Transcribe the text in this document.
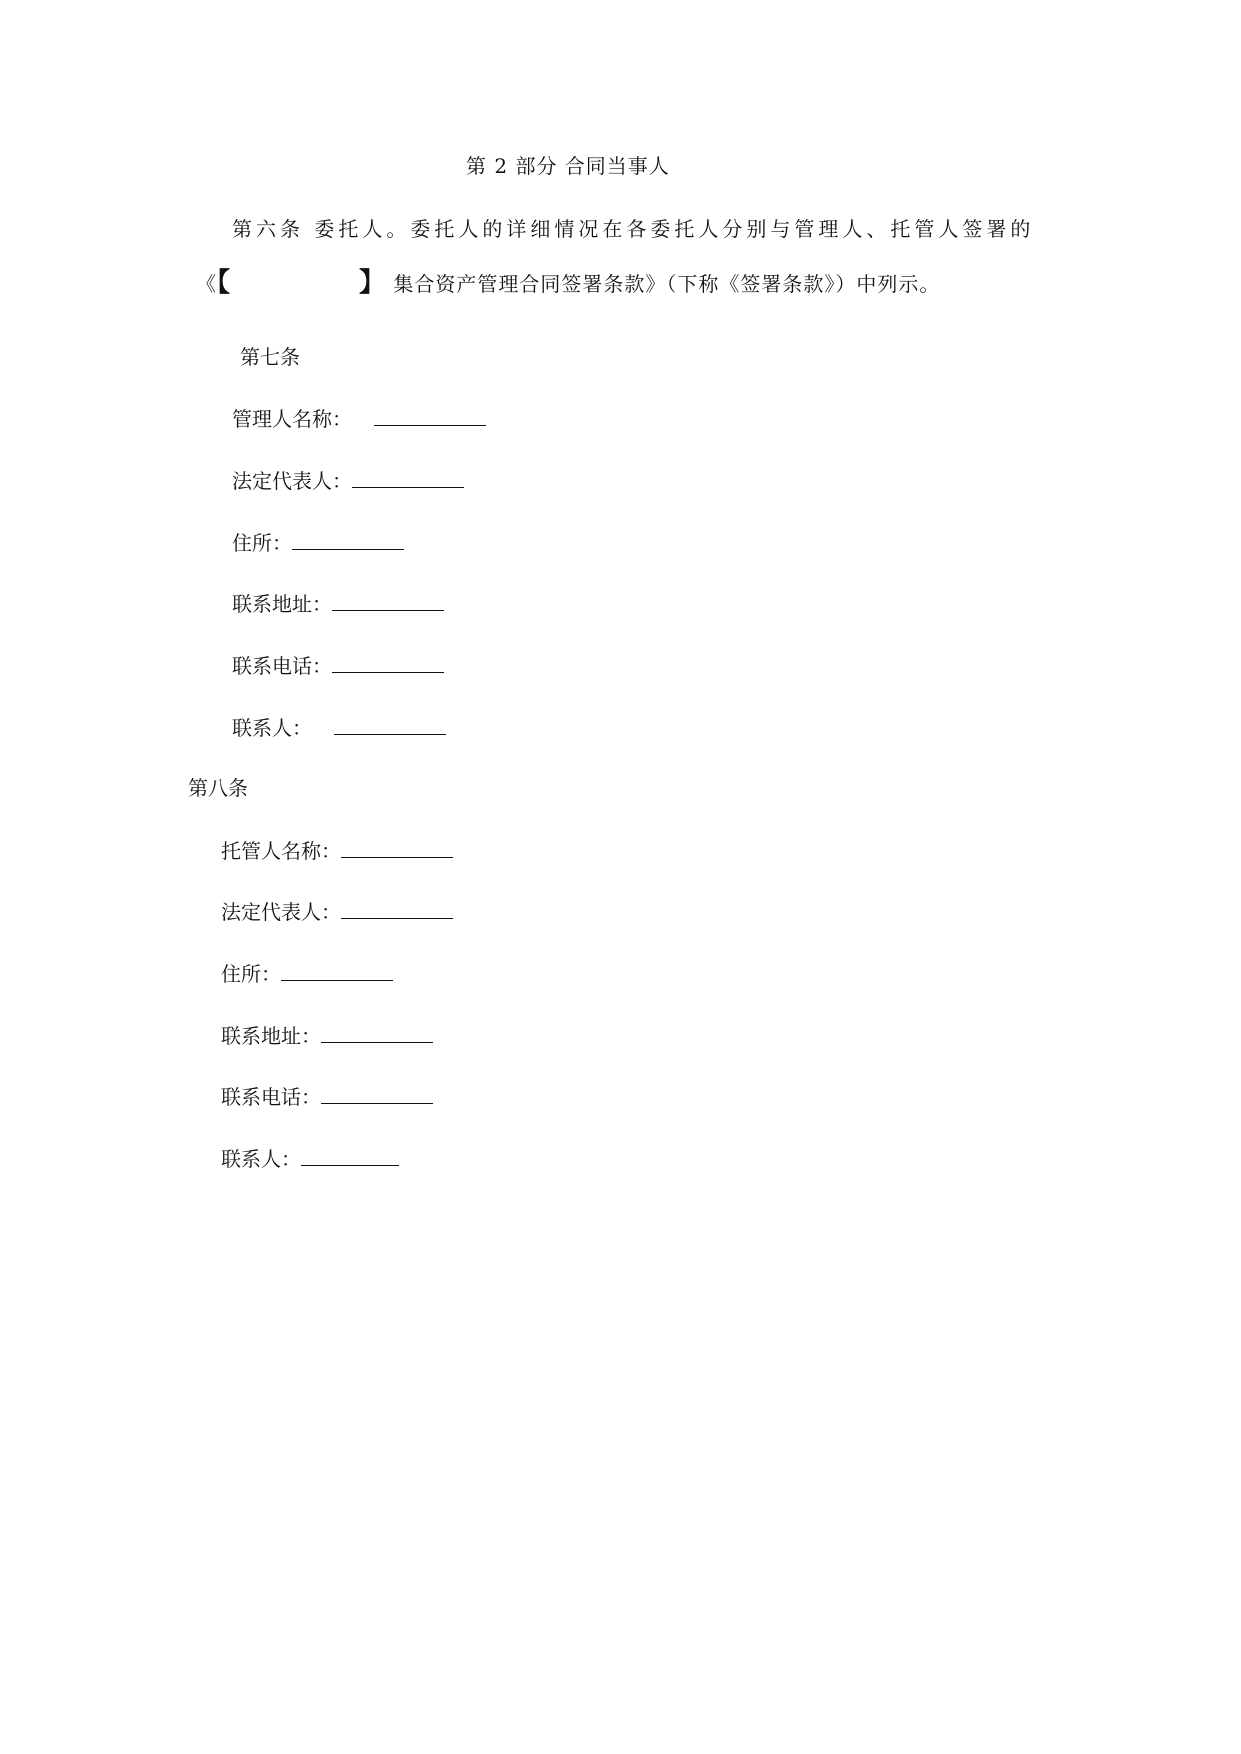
第 2 部分 合同当事人
第六条 委托人。委托人的详细情况在各委托人分别与管理人、托管人签署的
《【	】 集合资产管理合同签署条款》（下称《签署条款》）中列示。
第七条
管理人名称：
法定代表人：
住所：
联系地址：
联系电话：
联系人：
第八条
托管人名称：
法定代表人：
住所：
联系地址：
联系电话：
联系人：
